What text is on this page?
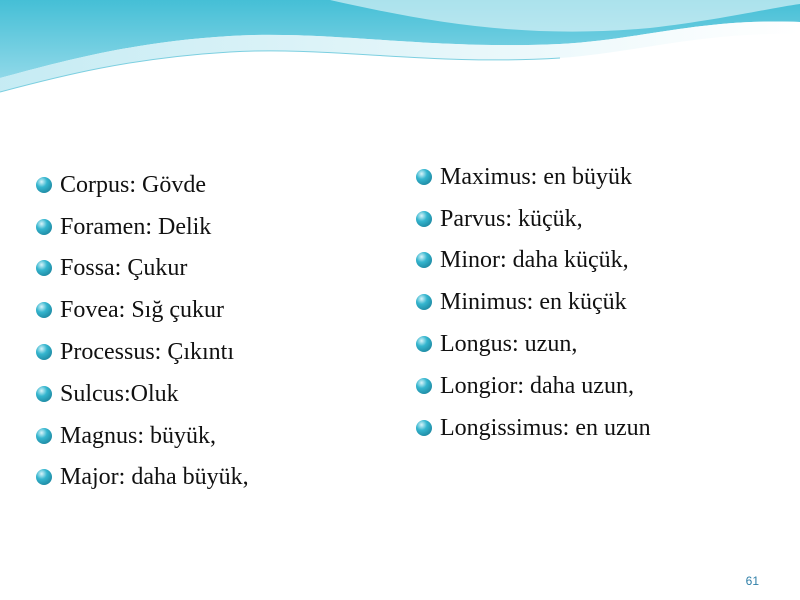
Corpus: Gövde
Foramen: Delik
Fossa: Çukur
Fovea: Sığ çukur
Processus: Çıkıntı
Sulcus:Oluk
Magnus: büyük,
Major: daha büyük,
Maximus: en büyük
Parvus: küçük,
Minor: daha küçük,
Minimus: en küçük
Longus: uzun,
Longior: daha uzun,
Longissimus: en uzun
61
